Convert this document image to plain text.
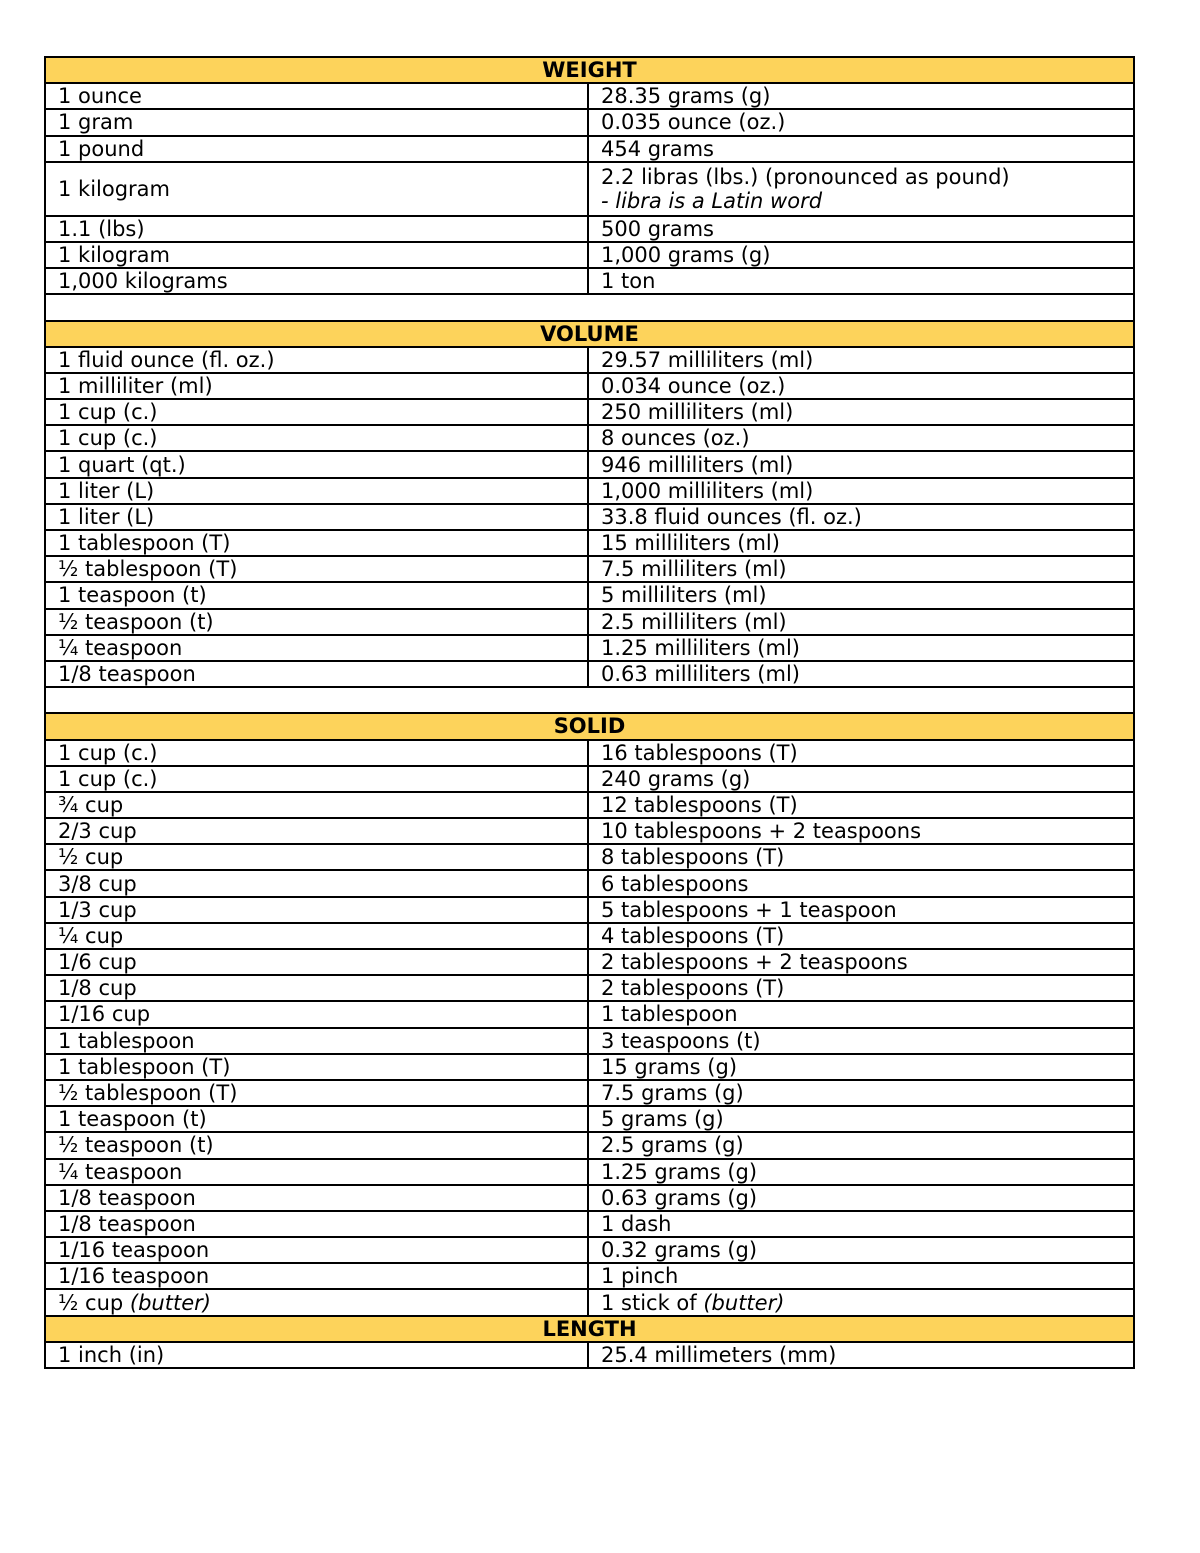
WEIGHT	
1 ounce	28.35 grams (g)
1 gram	0.035 ounce (oz.)
1 pound	454 grams
1 kilogram	2.2 libras (lbs.) (pronounced as pound)
- libra is a Latin word

1.1 (lbs)	500 grams
1 kilogram	1,000 grams (g)
1,000 kilograms	1 ton

VOLUME	
1 fluid ounce (fl. oz.)	29.57 milliliters (ml)
1 milliliter (ml)	0.034 ounce (oz.)
1 cup (c.)	250 milliliters (ml)
1 cup (c.)	8 ounces (oz.)
1 quart (qt.)	946 milliliters (ml)
1 liter (L)	1,000 milliliters (ml)
1 liter (L)	33.8 fluid ounces (fl. oz.)
1 tablespoon (T)	15 milliliters (ml)
½ tablespoon (T)	7.5 milliliters (ml)
1 teaspoon (t)	5 milliliters (ml)
½ teaspoon (t)	2.5 milliliters (ml)
¼ teaspoon	1.25 milliliters (ml)
1/8 teaspoon	0.63 milliliters (ml)

SOLID	
1 cup (c.)	16 tablespoons (T)
1 cup (c.)	240 grams (g)
¾ cup	12 tablespoons (T)
2/3 cup	10 tablespoons + 2 teaspoons
½ cup	8 tablespoons (T)
3/8 cup	6 tablespoons
1/3 cup	5 tablespoons + 1 teaspoon
¼ cup	4 tablespoons (T)
1/6 cup	2 tablespoons + 2 teaspoons
1/8 cup	2 tablespoons (T)
1/16 cup	1 tablespoon
1 tablespoon	3 teaspoons (t)
1 tablespoon (T)	15 grams (g)
½ tablespoon (T)	7.5 grams (g)
1 teaspoon (t)	5 grams (g)
½ teaspoon (t)	2.5 grams (g)
¼ teaspoon	1.25 grams (g)
1/8 teaspoon	0.63 grams (g)
1/8 teaspoon	1 dash
1/16 teaspoon	0.32 grams (g)
1/16 teaspoon	1 pinch
½ cup (butter)	1 stick of (butter)
LENGTH	
1 inch (in)	25.4 millimeters (mm)
